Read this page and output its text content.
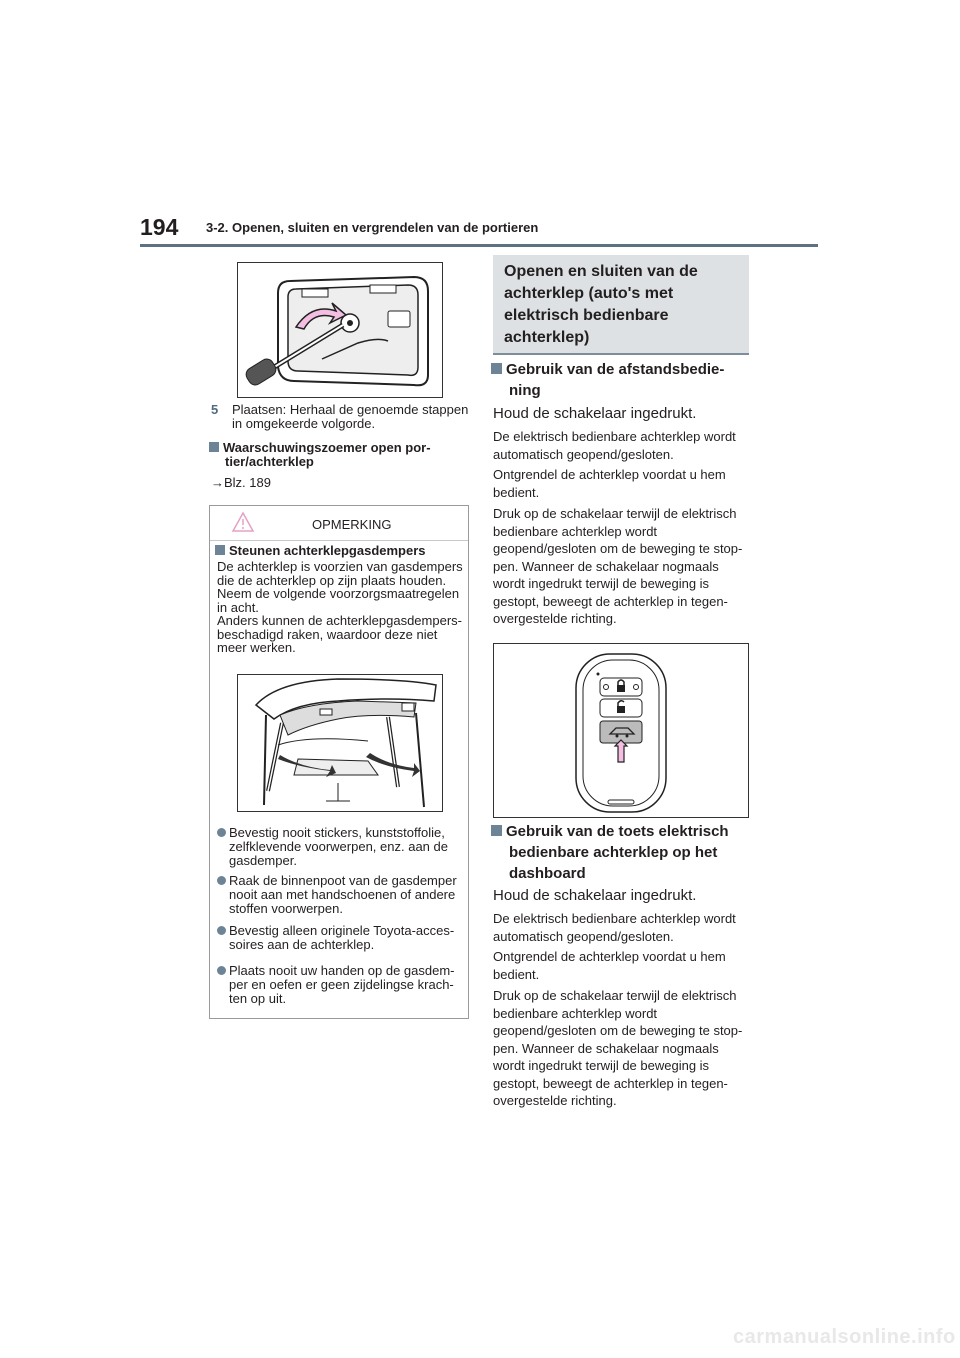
194 3-2. Openen, sluiten en vergrendelen van de portieren
5 Plaatsen: Herhaal de genoemde stappen in omgekeerde volgorde.
Waarschuwingszoemer open por-
tier/achterklep
→Blz. 189
OPMERKING
Steunen achterklepgasdempers
De achterklep is voorzien van gasdempers
die de achterklep op zijn plaats houden.
Neem de volgende voorzorgsmaatregelen
in acht.
Anders kunnen de achterklepgasdempers-
beschadigd raken, waardoor deze niet
meer werken.
Bevestig nooit stickers, kunststoffolie,
zelfklevende voorwerpen, enz. aan de
gasdemper.
Raak de binnenpoot van de gasdemper
nooit aan met handschoenen of andere
stoffen voorwerpen.
Bevestig alleen originele Toyota-acces-
soires aan de achterklep.
Plaats nooit uw handen op de gasdem-
per en oefen er geen zijdelingse krach-
ten op uit.
Openen en sluiten van de achterklep (auto's met elektrisch bedienbare achterklep)
Gebruik van de afstandsbedie-
ning
Houd de schakelaar ingedrukt.
De elektrisch bedienbare achterklep wordt
automatisch geopend/gesloten.
Ontgrendel de achterklep voordat u hem
bedient.
Druk op de schakelaar terwijl de elektrisch
bedienbare achterklep wordt
geopend/gesloten om de beweging te stop-
pen. Wanneer de schakelaar nogmaals
wordt ingedrukt terwijl de beweging is
gestopt, beweegt de achterklep in tegen-
overgestelde richting.
Gebruik van de toets elektrisch
bedienbare achterklep op het
dashboard
Houd de schakelaar ingedrukt.
De elektrisch bedienbare achterklep wordt
automatisch geopend/gesloten.
Ontgrendel de achterklep voordat u hem
bedient.
Druk op de schakelaar terwijl de elektrisch
bedienbare achterklep wordt
geopend/gesloten om de beweging te stop-
pen. Wanneer de schakelaar nogmaals
wordt ingedrukt terwijl de beweging is
gestopt, beweegt de achterklep in tegen-
overgestelde richting.
carmanualsonline.info
